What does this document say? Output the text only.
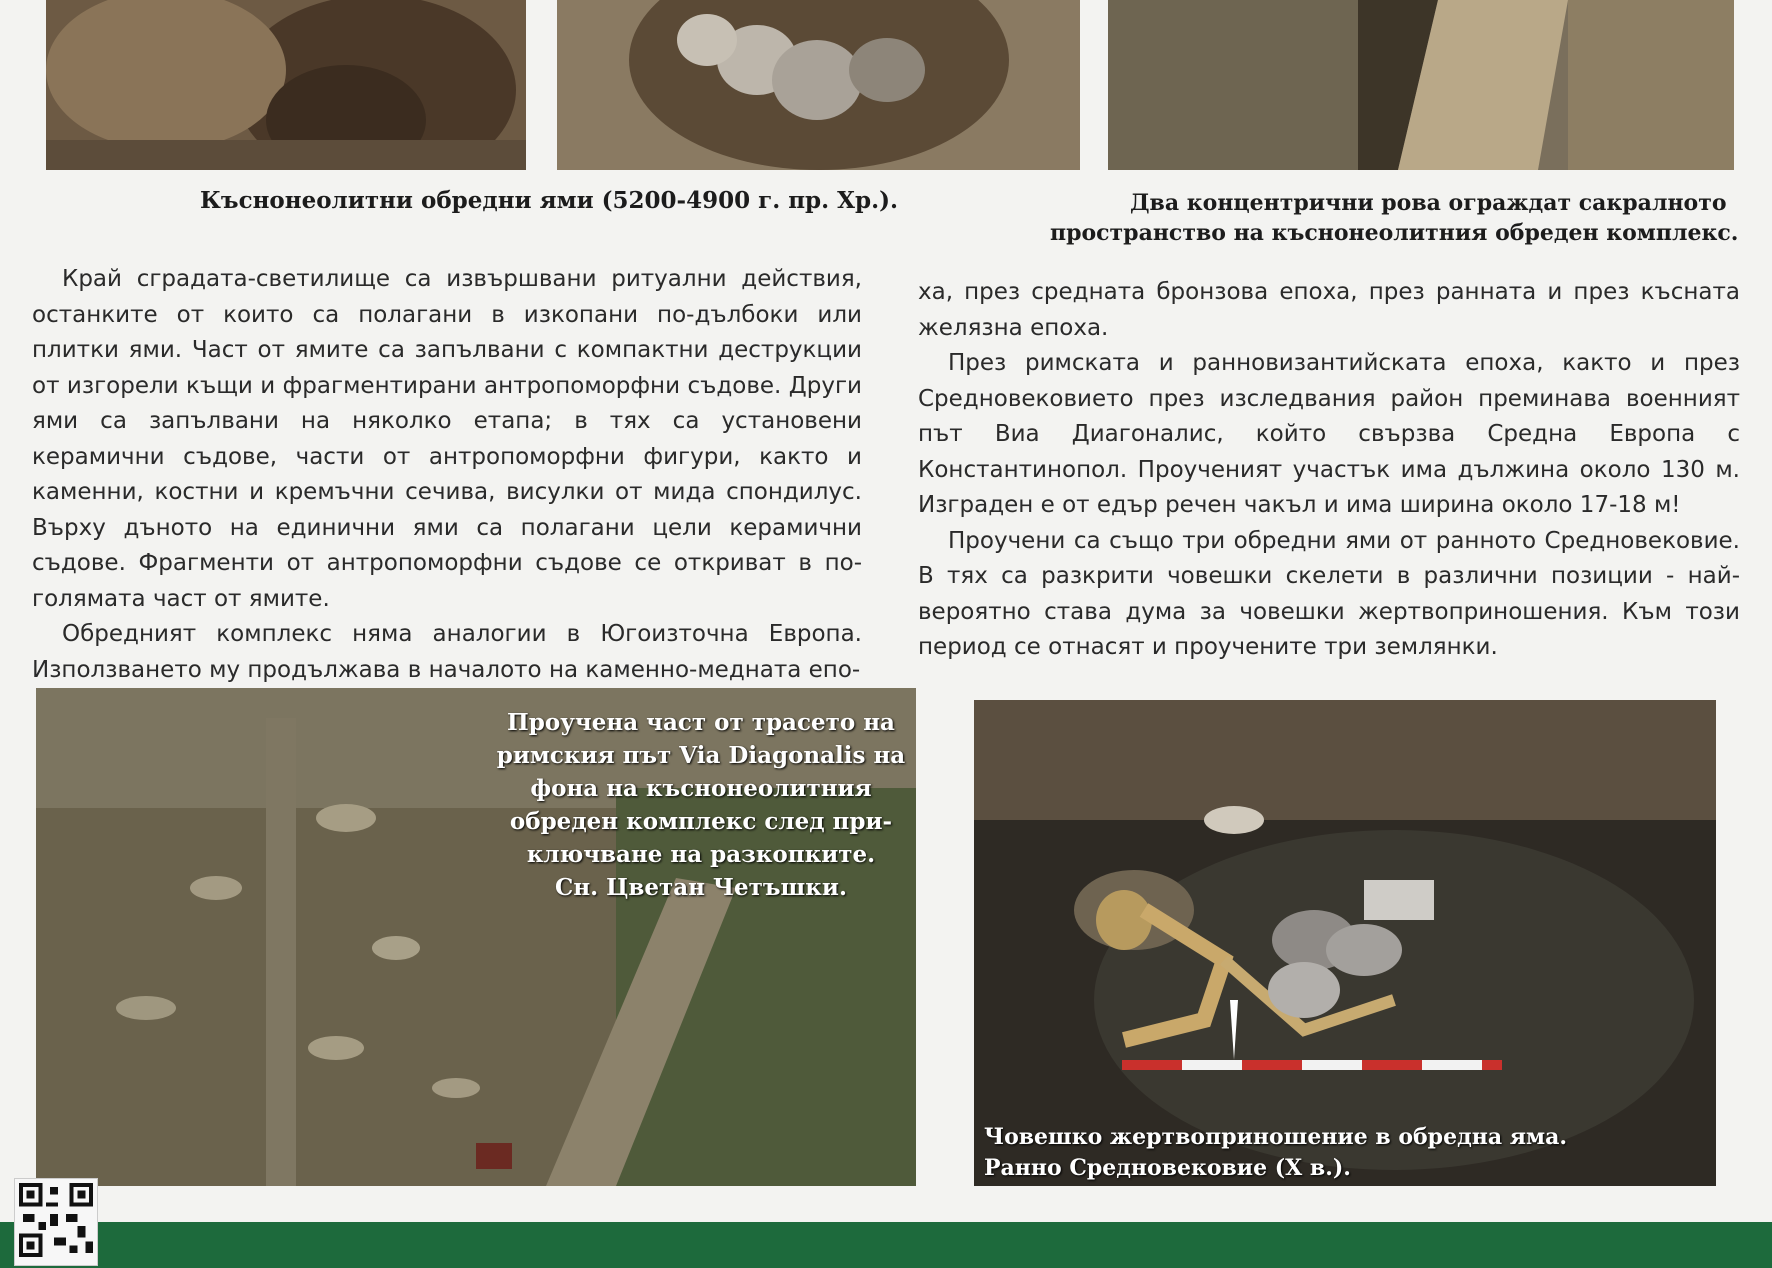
Къснонеолитни обредни ями (5200-4900 г. пр. Хр.).	Два концентрични рова ограждат сакралното
пространство на къснонеолитния обреден комплекс.

Край сградата-светилище са извършвани ритуални действия, останките от които са полагани в изкопани по-дълбоки или плитки ями. Част от ямите са запълвани с компактни деструкции от изгорели къщи и фрагментирани антропоморфни съдове. Други ями са запълвани на няколко етапа; в тях са установени керамични съдове, части от антропоморфни фигури, както и каменни, костни и кремъчни сечива, висулки от мида спондилус. Върху дъното на единични ями са полагани цели керамични съдове. Фрагменти от антропоморфни съдове се откриват в по-голямата част от ямите.

Обредният комплекс няма аналогии в Югоизточна Европа. Използването му продължава в началото на каменно-медната епо-

ха, през средната бронзова епоха, през ранната и през късната желязна епоха.

През римската и ранновизантийската епоха, както и през Средновековието през изследвания район преминава военният път Виа Диагоналис, който свързва Средна Европа с Константинопол. Проученият участък има дължина около 130 м. Изграден е от едър речен чакъл и има ширина около 17-18 м!

Проучени са също три обредни ями от ранното Средновековие. В тях са разкрити човешки скелети в различни позиции - най-вероятно става дума за човешки жертвоприношения. Към този период се отнасят и проучените три землянки.

Проучена част от трасето на
римския път Via Diagonalis на
фона на къснонеолитния
обреден комплекс след при-
ключване на разкопките.
Сн. Цветан Четъшки.
Човешко жертвоприношение в обредна яма.
Ранно Средновековие (X в.).
